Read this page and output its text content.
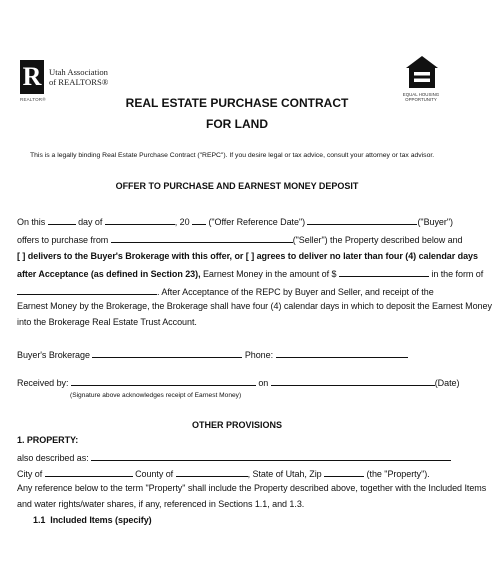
R Utah Association
of REALTORS®
REALTOR®
EQUAL HOUSING OPPORTUNITY
REAL ESTATE PURCHASE CONTRACT
FOR LAND
This is a legally binding Real Estate Purchase Contract ("REPC"). If you desire legal or tax advice, consult your attorney or tax advisor.
OFFER TO PURCHASE AND EARNEST MONEY DEPOSIT
On this	day of	, 20 ("Offer Reference Date")	("Buyer")
offers to purchase from	("Seller") the Property described below and
[ ] delivers to the Buyer's Brokerage with this offer, or [ ] agrees to deliver no later than four (4) calendar days
after Acceptance (as defined in Section 23), Earnest Money in the amount of $	in the form of
. After Acceptance of the REPC by Buyer and Seller, and receipt of the
Earnest Money by the Brokerage, the Brokerage shall have four (4) calendar days in which to deposit the Earnest Money
into the Brokerage Real Estate Trust Account.
Buyer's Brokerage	Phone:
Received by:	on	(Date)
(Signature above acknowledges receipt of Earnest Money)
OTHER PROVISIONS
1. PROPERTY:
also described as:
City of	County of	, State of Utah, Zip	(the "Property").
Any reference below to the term "Property" shall include the Property described above, together with the Included Items
and water rights/water shares, if any, referenced in Sections 1.1, and 1.3.
1.1 Included Items (specify)
